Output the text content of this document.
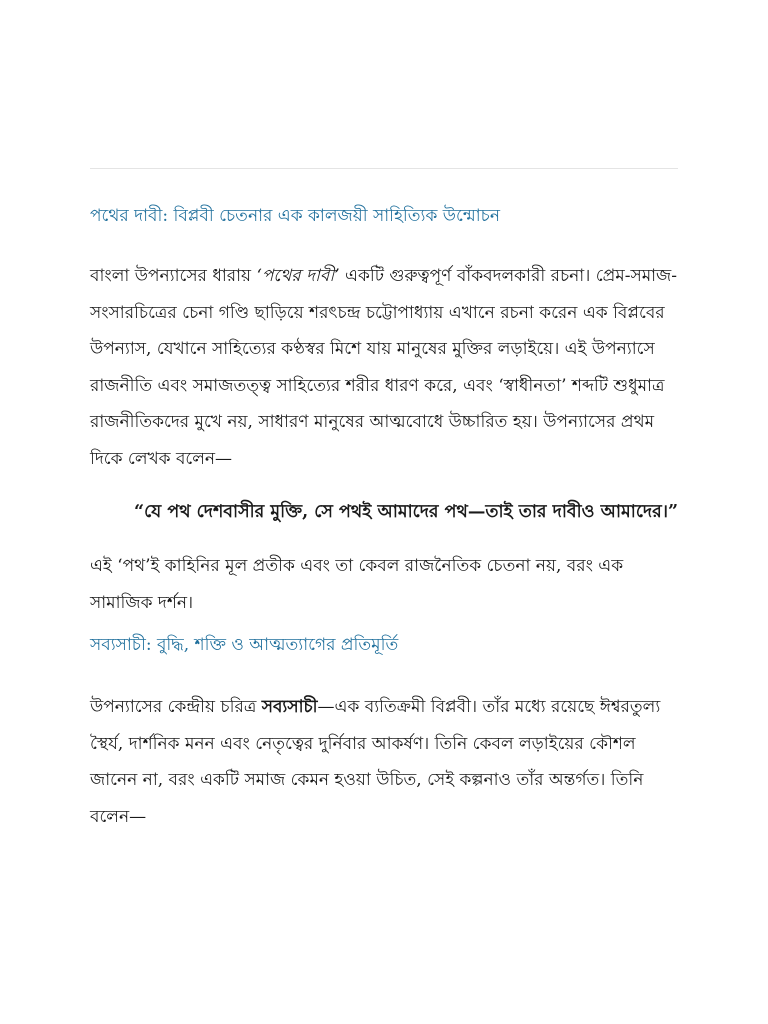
পথের দাবী: বিপ্লবী চেতনার এক কালজয়ী সাহিত্যিক উন্মোচন

বাংলা উপন্যাসের ধারায় ‘পথের দাবী’ একটি গুরুত্বপূর্ণ বাঁকবদলকারী রচনা। প্রেম-সমাজ-সংসারচিত্রের চেনা গণ্ডি ছাড়িয়ে শরৎচন্দ্র চট্টোপাধ্যায় এখানে রচনা করেন এক বিপ্লবের উপন্যাস, যেখানে সাহিত্যের কণ্ঠস্বর মিশে যায় মানুষের মুক্তির লড়াইয়ে। এই উপন্যাসে রাজনীতি এবং সমাজতত্ত্ব সাহিত্যের শরীর ধারণ করে, এবং ‘স্বাধীনতা’ শব্দটি শুধুমাত্র রাজনীতিকদের মুখে নয়, সাধারণ মানুষের আত্মবোধে উচ্চারিত হয়। উপন্যাসের প্রথম দিকে লেখক বলেন—

“যে পথ দেশবাসীর মুক্তি, সে পথই আমাদের পথ—তাই তার দাবীও আমাদের।”

এই ‘পথ’ই কাহিনির মূল প্রতীক এবং তা কেবল রাজনৈতিক চেতনা নয়, বরং এক সামাজিক দর্শন।

সব্যসাচী: বুদ্ধি, শক্তি ও আত্মত্যাগের প্রতিমূর্তি

উপন্যাসের কেন্দ্রীয় চরিত্র সব্যসাচী—এক ব্যতিক্রমী বিপ্লবী। তাঁর মধ্যে রয়েছে ঈশ্বরতুল্য স্থৈর্য, দার্শনিক মনন এবং নেতৃত্বের দুর্নিবার আকর্ষণ। তিনি কেবল লড়াইয়ের কৌশল জানেন না, বরং একটি সমাজ কেমন হওয়া উচিত, সেই কল্পনাও তাঁর অন্তর্গত। তিনি বলেন—
